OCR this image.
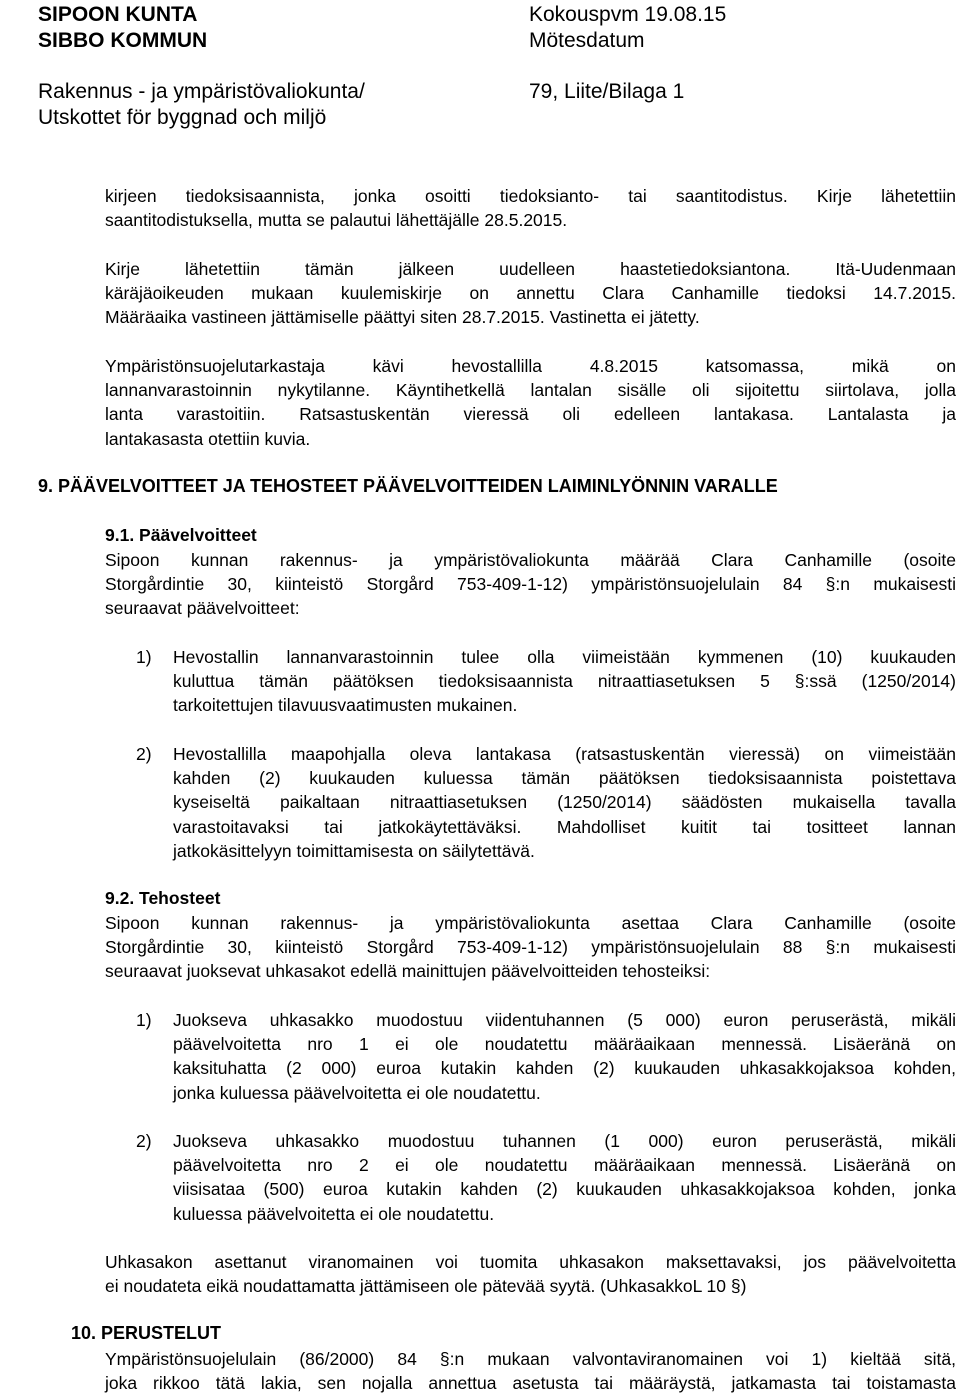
SIPOON KUNTA
SIBBO KOMMUN
Kokouspvm 19.08.15
Mötesdatum
Rakennus - ja ympäristövaliokunta/
Utskottet för byggnad och miljö
79, Liite/Bilaga 1
kirjeen tiedoksisaannista, jonka osoitti tiedoksianto- tai saantitodistus. Kirje lähetettiin
saantitodistuksella, mutta se palautui lähettäjälle 28.5.2015.
Kirje lähetettiin tämän jälkeen uudelleen haastetiedoksiantona. Itä-Uudenmaan
käräjäoikeuden mukaan kuulemiskirje on annettu Clara Canhamille tiedoksi 14.7.2015.
Määräaika vastineen jättämiselle päättyi siten 28.7.2015. Vastinetta ei jätetty.
Ympäristönsuojelutarkastaja kävi hevostallilla 4.8.2015 katsomassa, mikä on
lannanvarastoinnin nykytilanne. Käyntihetkellä lantalan sisälle oli sijoitettu siirtolava, jolla
lanta varastoitiin. Ratsastuskentän vieressä oli edelleen lantakasa. Lantalasta ja
lantakasasta otettiin kuvia.
9. PÄÄVELVOITTEET JA TEHOSTEET PÄÄVELVOITTEIDEN LAIMINLYÖNNIN VARALLE
9.1. Päävelvoitteet
Sipoon kunnan rakennus- ja ympäristövaliokunta määrää Clara Canhamille (osoite
Storgårdintie 30, kiinteistö Storgård 753-409-1-12) ympäristönsuojelulain 84 §:n mukaisesti
seuraavat päävelvoitteet:
1) Hevostallin lannanvarastoinnin tulee olla viimeistään kymmenen (10) kuukauden
kuluttua tämän päätöksen tiedoksisaannista nitraattiasetuksen 5 §:ssä (1250/2014)
tarkoitettujen tilavuusvaatimusten mukainen.
2) Hevostallilla maapohjalla oleva lantakasa (ratsastuskentän vieressä) on viimeistään
kahden (2) kuukauden kuluessa tämän päätöksen tiedoksisaannista poistettava
kyseiseltä paikaltaan nitraattiasetuksen (1250/2014) säädösten mukaisella tavalla
varastoitavaksi tai jatkokäytettäväksi. Mahdolliset kuitit tai tositteet lannan
jatkokäsittelyyn toimittamisesta on säilytettävä.
9.2. Tehosteet
Sipoon kunnan rakennus- ja ympäristövaliokunta asettaa Clara Canhamille (osoite
Storgårdintie 30, kiinteistö Storgård 753-409-1-12) ympäristönsuojelulain 88 §:n mukaisesti
seuraavat juoksevat uhkasakot edellä mainittujen päävelvoitteiden tehosteiksi:
1) Juokseva uhkasakko muodostuu viidentuhannen (5 000) euron peruserästä, mikäli
päävelvoitetta nro 1 ei ole noudatettu määräaikaan mennessä. Lisäeränä on
kaksituhatta (2 000) euroa kutakin kahden (2) kuukauden uhkasakkojaksoa kohden,
jonka kuluessa päävelvoitetta ei ole noudatettu.
2) Juokseva uhkasakko muodostuu tuhannen (1 000) euron peruserästä, mikäli
päävelvoitetta nro 2 ei ole noudatettu määräaikaan mennessä. Lisäeränä on
viisisataa (500) euroa kutakin kahden (2) kuukauden uhkasakkojaksoa kohden, jonka
kuluessa päävelvoitetta ei ole noudatettu.
Uhkasakon asettanut viranomainen voi tuomita uhkasakon maksettavaksi, jos päävelvoitetta
ei noudateta eikä noudattamatta jättämiseen ole pätevää syytä. (UhkasakkoL 10 §)
10. PERUSTELUT
Ympäristönsuojelulain (86/2000) 84 §:n mukaan valvontaviranomainen voi 1) kieltää sitä,
joka rikkoo tätä lakia, sen nojalla annettua asetusta tai määräystä, jatkamasta tai toistamasta
